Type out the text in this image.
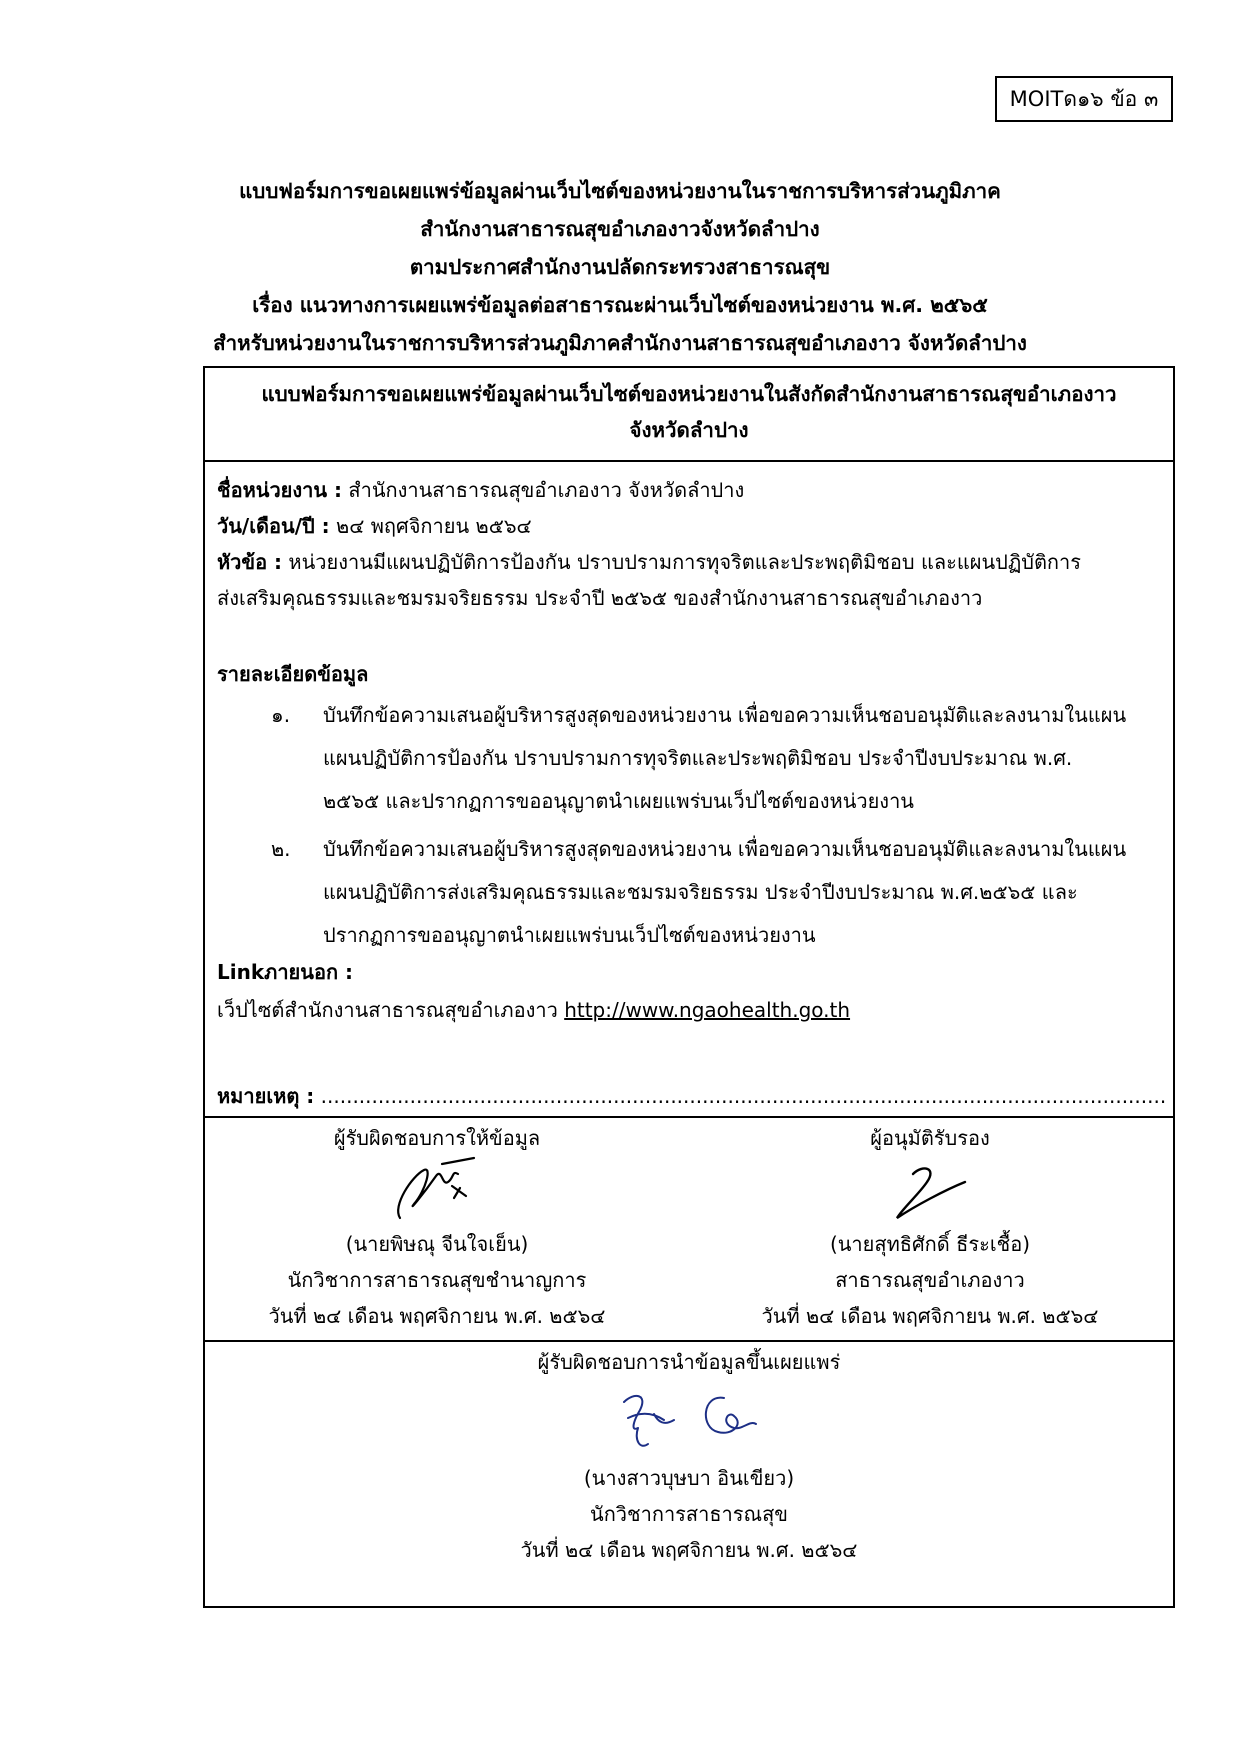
MOITด๑๖ ข้อ ๓
แบบฟอร์มการขอเผยแพร่ข้อมูลผ่านเว็บไซต์ของหน่วยงานในราชการบริหารส่วนภูมิภาค
สำนักงานสาธารณสุขอำเภองาวจังหวัดลำปาง
ตามประกาศสำนักงานปลัดกระทรวงสาธารณสุข
เรื่อง แนวทางการเผยแพร่ข้อมูลต่อสาธารณะผ่านเว็บไซต์ของหน่วยงาน พ.ศ. ๒๕๖๕
สำหรับหน่วยงานในราชการบริหารส่วนภูมิภาคสำนักงานสาธารณสุขอำเภองาว จังหวัดลำปาง
แบบฟอร์มการขอเผยแพร่ข้อมูลผ่านเว็บไซต์ของหน่วยงานในสังกัดสำนักงานสาธารณสุขอำเภองาว
จังหวัดลำปาง
ชื่อหน่วยงาน : สำนักงานสาธารณสุขอำเภองาว จังหวัดลำปาง
วัน/เดือน/ปี : ๒๔ พฤศจิกายน ๒๕๖๔
หัวข้อ : หน่วยงานมีแผนปฏิบัติการป้องกัน ปราบปรามการทุจริตและประพฤติมิชอบ และแผนปฏิบัติการ
ส่งเสริมคุณธรรมและชมรมจริยธรรม ประจำปี ๒๕๖๕ ของสำนักงานสาธารณสุขอำเภองาว
รายละเอียดข้อมูล
๑.	บันทึกข้อความเสนอผู้บริหารสูงสุดของหน่วยงาน เพื่อขอความเห็นชอบอนุมัติและลงนามในแผน
แผนปฏิบัติการป้องกัน ปราบปรามการทุจริตและประพฤติมิชอบ ประจำปีงบประมาณ พ.ศ.
๒๕๖๕ และปรากฏการขออนุญาตนำเผยแพร่บนเว็ปไซต์ของหน่วยงาน
๒.	บันทึกข้อความเสนอผู้บริหารสูงสุดของหน่วยงาน เพื่อขอความเห็นชอบอนุมัติและลงนามในแผน
แผนปฏิบัติการส่งเสริมคุณธรรมและชมรมจริยธรรม ประจำปีงบประมาณ พ.ศ.๒๕๖๕ และ
ปรากฏการขออนุญาตนำเผยแพร่บนเว็ปไซต์ของหน่วยงาน
Linkภายนอก :
เว็ปไซต์สำนักงานสาธารณสุขอำเภองาว http://www.ngaohealth.go.th
หมายเหตุ : .....................................................................................................................................
ผู้รับผิดชอบการให้ข้อมูล
(นายพิษณุ จีนใจเย็น)
นักวิชาการสาธารณสุขชำนาญการ
วันที่ ๒๔ เดือน พฤศจิกายน พ.ศ. ๒๕๖๔
ผู้อนุมัติรับรอง
(นายสุทธิศักดิ์ ธีระเชื้อ)
สาธารณสุขอำเภองาว
วันที่ ๒๔ เดือน พฤศจิกายน พ.ศ. ๒๕๖๔
ผู้รับผิดชอบการนำข้อมูลขึ้นเผยแพร่
(นางสาวบุษบา อินเขียว)
นักวิชาการสาธารณสุข
วันที่ ๒๔ เดือน พฤศจิกายน พ.ศ. ๒๕๖๔
